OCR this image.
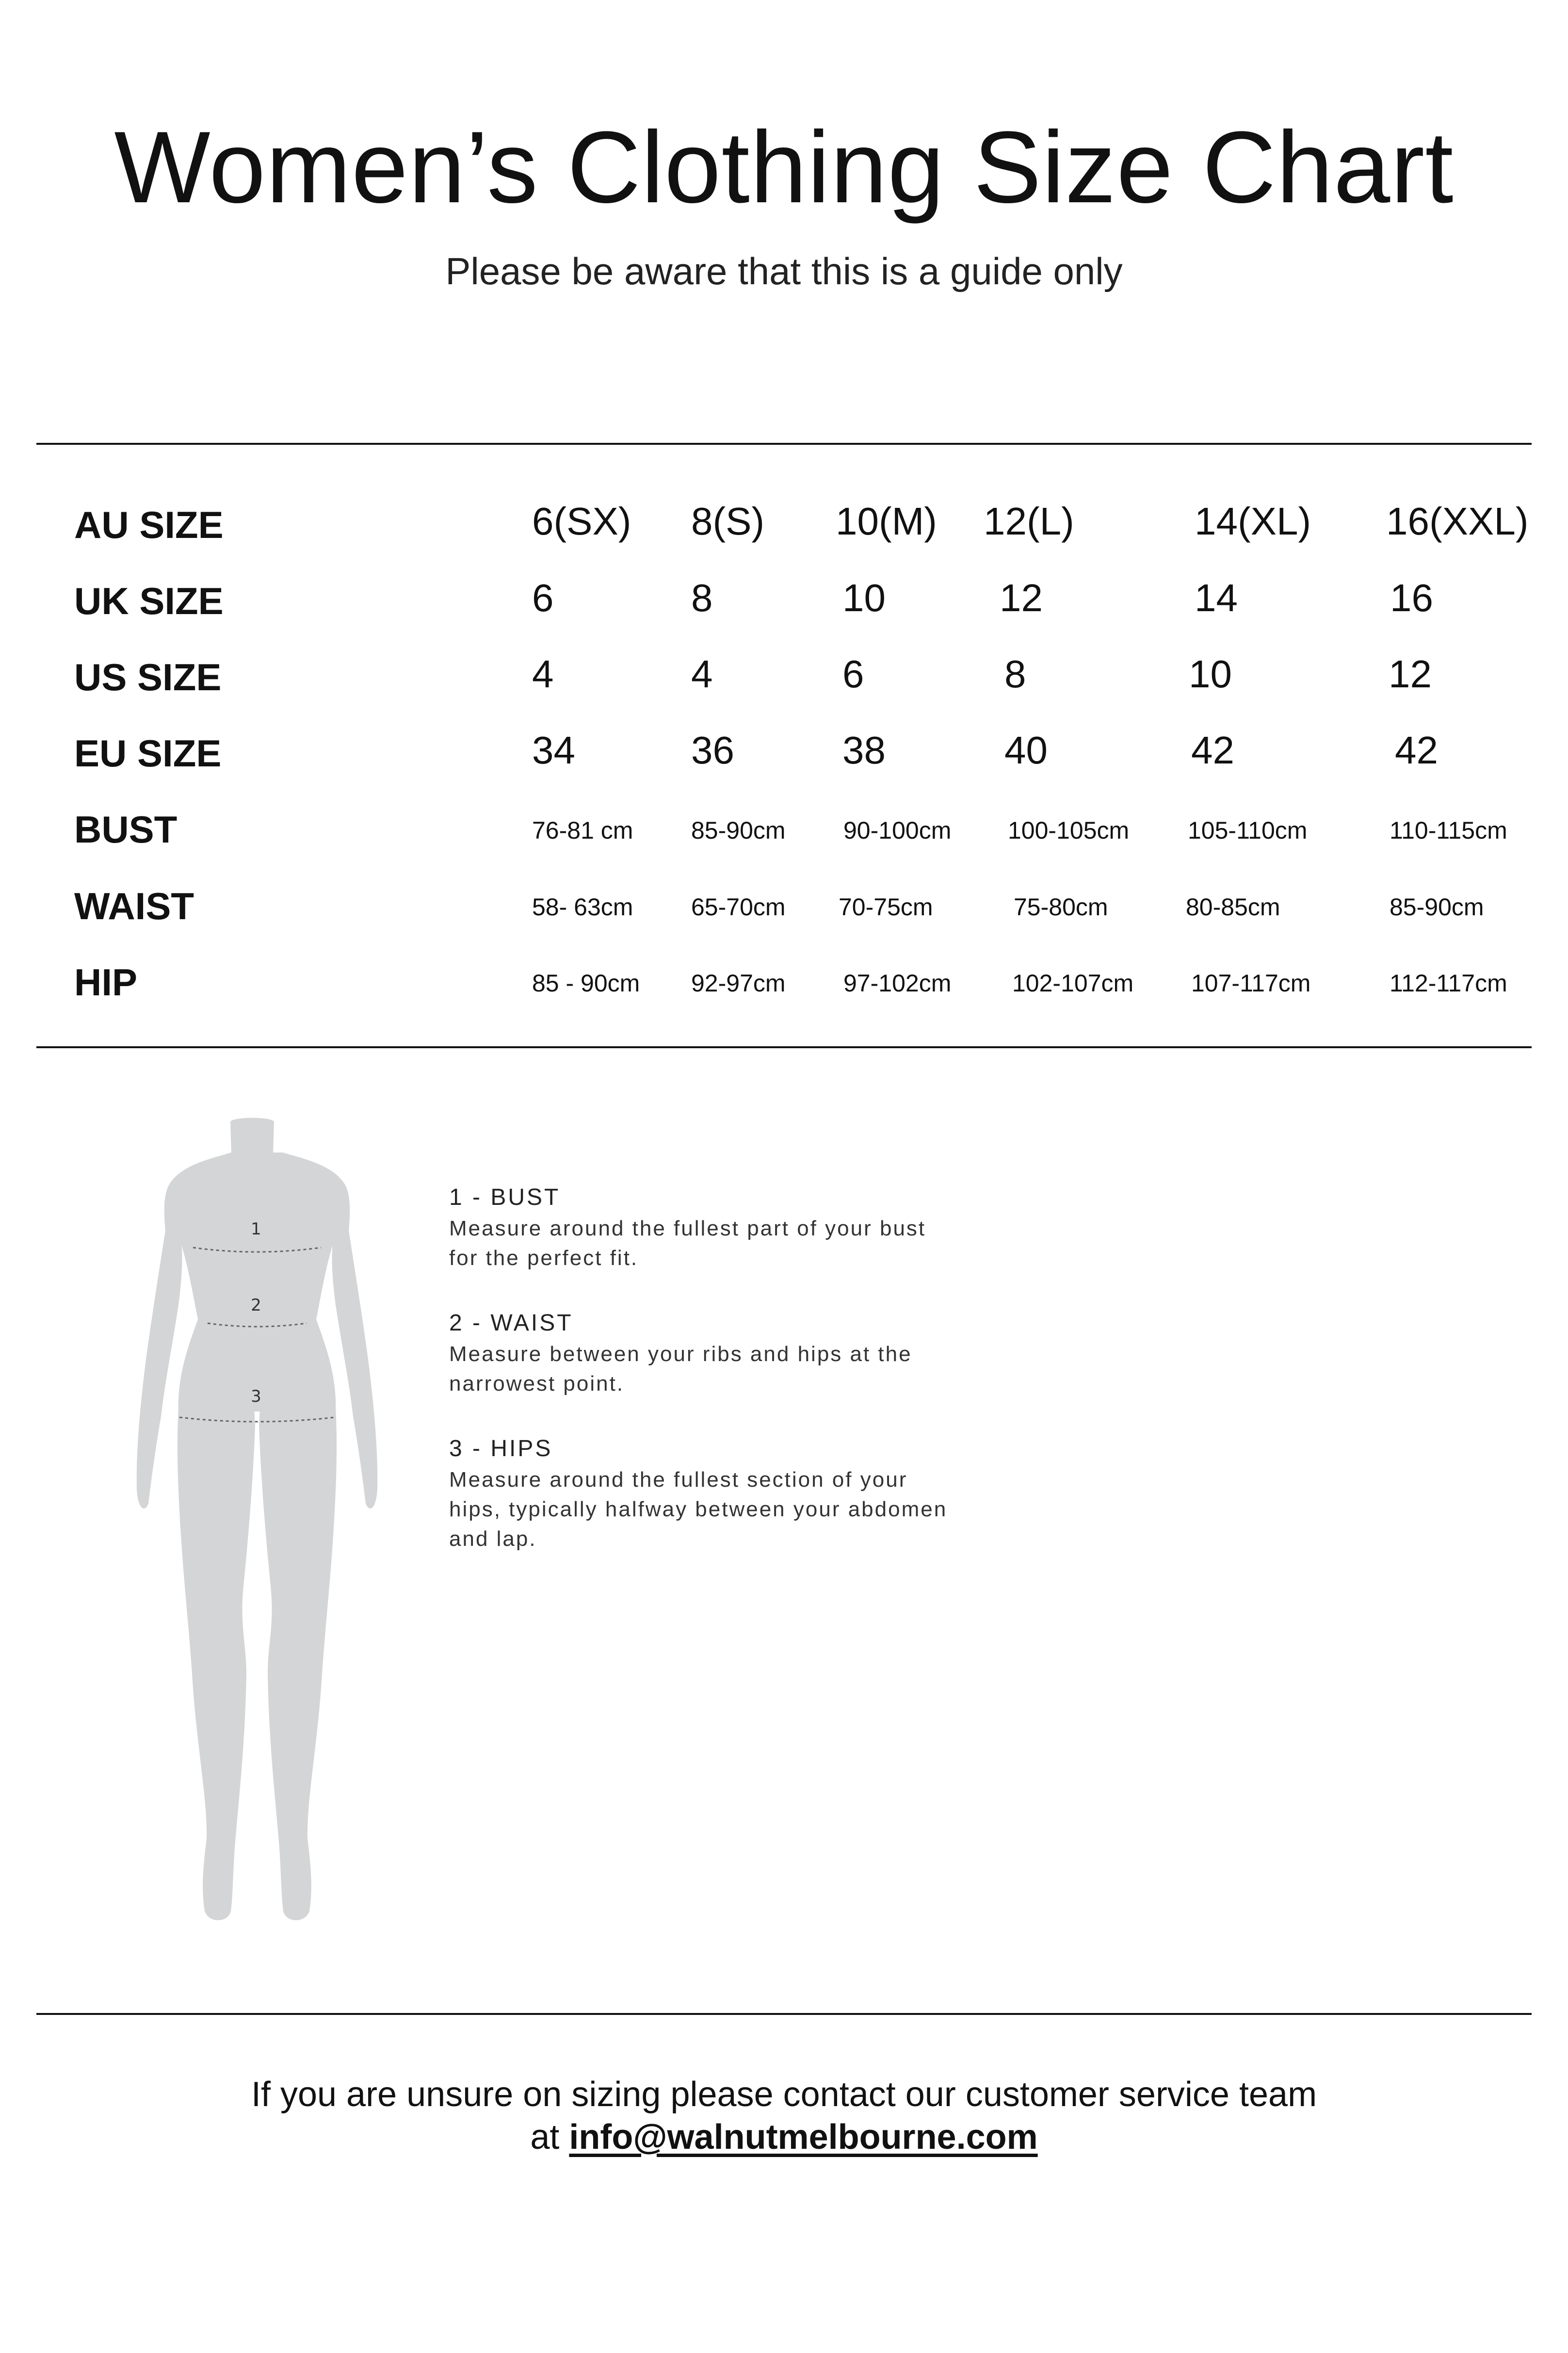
Women’s Clothing Size Chart
Please be aware that this is a guide only
AU SIZE	6(SX) 8(S) 10(M) 12(L)	14(XL) 16(XXL)
UK SIZE	6	8	10	12	14	16
US SIZE	4	4	6	8	10	12
EU SIZE	34	36	38	40	42	42
BUST	76-81 cm 85-90cm 90-100cm 100-105cm 105-110cm	110-115cm
WAIST	58- 63cm 65-70cm 70-75cm	75-80cm	80-85cm	85-90cm
HIP	85 - 90cm 92-97cm 97-102cm	102-107cm 107-117cm	112-117cm
1
2
3
1 - BUST
Measure around the fullest part of your bust
for the perfect fit.
2 - WAIST
Measure between your ribs and hips at the
narrowest point.
3 - HIPS
Measure around the fullest section of your
hips, typically halfway between your abdomen
and lap.
If you are unsure on sizing please contact our customer service team
at info@walnutmelbourne.com
